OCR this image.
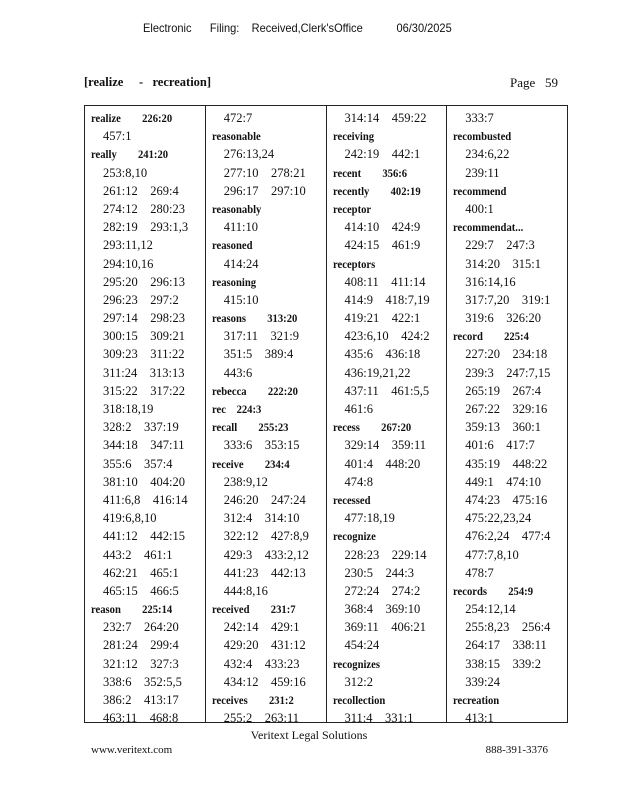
Electronic      Filing:    Received,Clerk'sOffice           06/30/2025
[realize     -   recreation]	Page 59
realize        226:20
457:1
really        241:20
253:8,10
261:12    269:4
274:12    280:23
282:19    293:1,3
293:11,12
294:10,16
295:20    296:13
296:23    297:2
297:14    298:23
300:15    309:21
309:23    311:22
311:24    313:13
315:22    317:22
318:18,19
328:2    337:19
344:18    347:11
355:6    357:4
381:10    404:20
411:6,8    416:14
419:6,8,10
441:12    442:15
443:2    461:1
462:21    465:1
465:15    466:5
reason        225:14
232:7    264:20
281:24    299:4
321:12    327:3
338:6    352:5,5
386:2    413:17
463:11    468:8
472:7
reasonable
276:13,24
277:10    278:21
296:17    297:10
reasonably
411:10
reasoned
414:24
reasoning
415:10
reasons        313:20
317:11    321:9
351:5    389:4
443:6
rebecca        222:20
rec    224:3
recall        255:23
333:6    353:15
receive        234:4
238:9,12
246:20    247:24
312:4    314:10
322:12    427:8,9
429:3    433:2,12
441:23    442:13
444:8,16
received        231:7
242:14    429:1
429:20    431:12
432:4    433:23
434:12    459:16
receives        231:2
255:2    263:11
314:14    459:22
receiving
242:19    442:1
recent        356:6
recently        402:19
receptor
414:10    424:9
424:15    461:9
receptors
408:11    411:14
414:9    418:7,19
419:21    422:1
423:6,10    424:2
435:6    436:18
436:19,21,22
437:11    461:5,5
461:6
recess        267:20
329:14    359:11
401:4    448:20
474:8
recessed
477:18,19
recognize
228:23    229:14
230:5    244:3
272:24    274:2
368:4    369:10
369:11    406:21
454:24
recognizes
312:2
recollection
311:4    331:1
333:7
recombusted
234:6,22
239:11
recommend
400:1
recommendat...
229:7    247:3
314:20    315:1
316:14,16
317:7,20    319:1
319:6    326:20
record        225:4
227:20    234:18
239:3    247:7,15
265:19    267:4
267:22    329:16
359:13    360:1
401:6    417:7
435:19    448:22
449:1    474:10
474:23    475:16
475:22,23,24
476:2,24    477:4
477:7,8,10
478:7
records        254:9
254:12,14
255:8,23    256:4
264:17    338:11
338:15    339:2
339:24
recreation
413:1
Veritext Legal Solutions
www.veritext.com	888-391-3376
